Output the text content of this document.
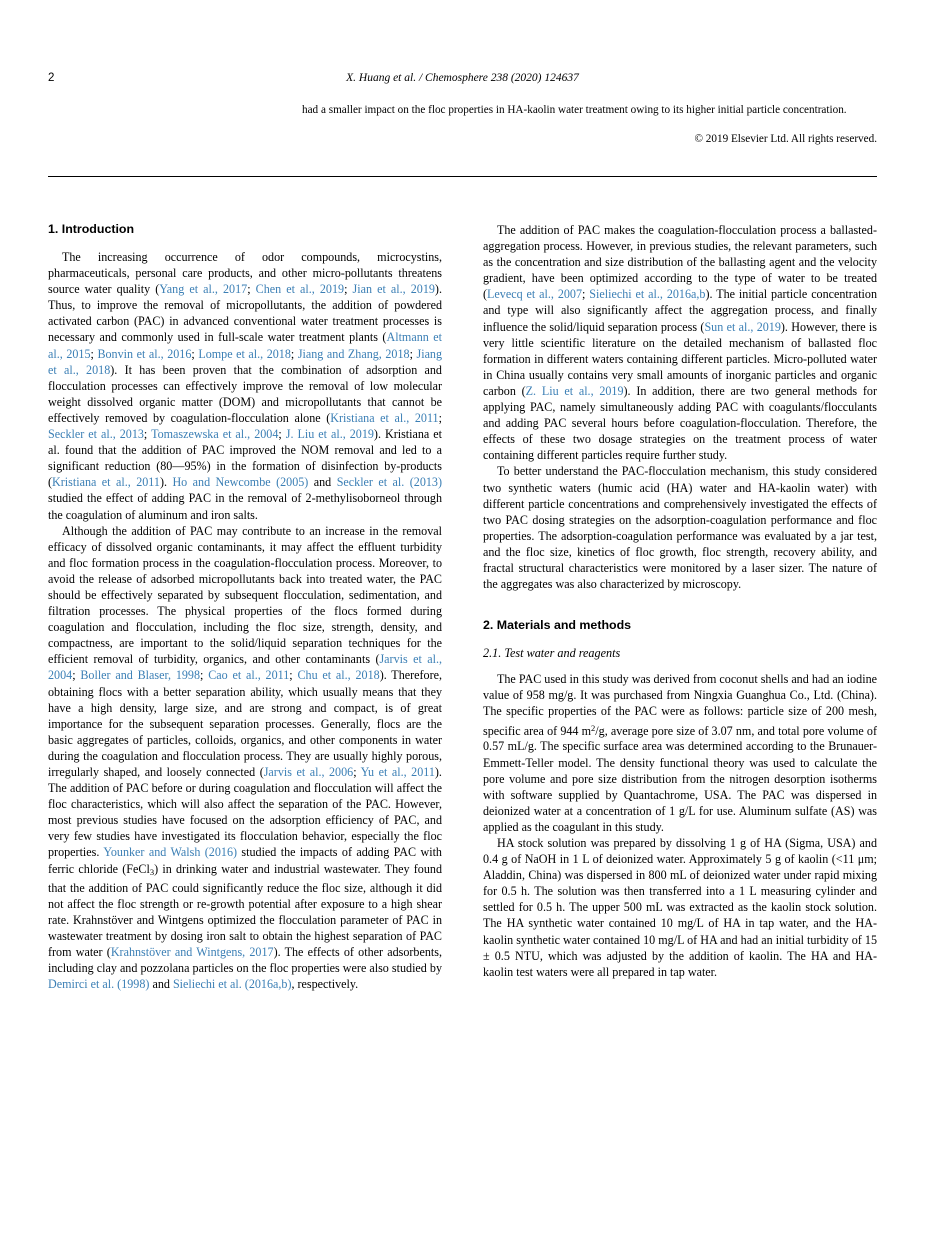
2	X. Huang et al. / Chemosphere 238 (2020) 124637
had a smaller impact on the floc properties in HA-kaolin water treatment owing to its higher initial particle concentration.
© 2019 Elsevier Ltd. All rights reserved.
1. Introduction

The increasing occurrence of odor compounds, microcystins, pharmaceuticals, personal care products, and other micro-pollutants threatens source water quality (Yang et al., 2017; Chen et al., 2019; Jian et al., 2019). Thus, to improve the removal of micropollutants, the addition of powdered activated carbon (PAC) in advanced conventional water treatment processes is necessary and commonly used in full-scale water treatment plants (Altmann et al., 2015; Bonvin et al., 2016; Lompe et al., 2018; Jiang and Zhang, 2018; Jiang et al., 2018). It has been proven that the combination of adsorption and flocculation processes can effectively improve the removal of low molecular weight dissolved organic matter (DOM) and micropollutants that cannot be effectively removed by coagulation-flocculation alone (Kristiana et al., 2011; Seckler et al., 2013; Tomaszewska et al., 2004; J. Liu et al., 2019). Kristiana et al. found that the addition of PAC improved the NOM removal and led to a significant reduction (80—95%) in the formation of disinfection by-products (Kristiana et al., 2011). Ho and Newcombe (2005) and Seckler et al. (2013) studied the effect of adding PAC in the removal of 2-methylisoborneol through the coagulation of aluminum and iron salts.

Although the addition of PAC may contribute to an increase in the removal efficacy of dissolved organic contaminants, it may affect the effluent turbidity and floc formation process in the coagulation-flocculation process. Moreover, to avoid the release of adsorbed micropollutants back into treated water, the PAC should be effectively separated by subsequent flocculation, sedimentation, and filtration processes. The physical properties of the flocs formed during coagulation and flocculation, including the floc size, strength, density, and compactness, are important to the solid/liquid separation techniques for the efficient removal of turbidity, organics, and other contaminants (Jarvis et al., 2004; Boller and Blaser, 1998; Cao et al., 2011; Chu et al., 2018). Therefore, obtaining flocs with a better separation ability, which usually means that they have a high density, large size, and are strong and compact, is of great importance for the subsequent separation processes. Generally, flocs are the basic aggregates of particles, colloids, organics, and other components in water during the coagulation and flocculation process. They are usually highly porous, irregularly shaped, and loosely connected (Jarvis et al., 2006; Yu et al., 2011). The addition of PAC before or during coagulation and flocculation will affect the floc characteristics, which will also affect the separation of the PAC. However, most previous studies have focused on the adsorption efficiency of PAC, and very few studies have investigated its flocculation behavior, especially the floc properties. Younker and Walsh (2016) studied the impacts of adding PAC with ferric chloride (FeCl$_3$) in drinking water and industrial wastewater. They found that the addition of PAC could significantly reduce the floc size, although it did not affect the floc strength or re-growth potential after exposure to a high shear rate. Krahnstöver and Wintgens optimized the flocculation parameter of PAC in wastewater treatment by dosing iron salt to obtain the highest separation of PAC from water (Krahnstöver and Wintgens, 2017). The effects of other adsorbents, including clay and pozzolana particles on the floc properties were also studied by Demirci et al. (1998) and Sieliechi et al. (2016a,b), respectively.

The addition of PAC makes the coagulation-flocculation process a ballasted-aggregation process. However, in previous studies, the relevant parameters, such as the concentration and size distribution of the ballasting agent and the velocity gradient, have been optimized according to the type of water to be treated (Levecq et al., 2007; Sieliechi et al., 2016a,b). The initial particle concentration and type will also significantly affect the aggregation process, and finally influence the solid/liquid separation process (Sun et al., 2019). However, there is very little scientific literature on the detailed mechanism of ballasted floc formation in different waters containing different particles. Micro-polluted water in China usually contains very small amounts of inorganic particles and organic carbon (Z. Liu et al., 2019). In addition, there are two general methods for applying PAC, namely simultaneously adding PAC with coagulants/flocculants and adding PAC several hours before coagulation-flocculation. Therefore, the effects of these two dosage strategies on the treatment process of water containing different particles require further study.

To better understand the PAC-flocculation mechanism, this study considered two synthetic waters (humic acid (HA) water and HA-kaolin water) with different particle concentrations and comprehensively investigated the effects of two PAC dosing strategies on the adsorption-coagulation performance and floc properties. The adsorption-coagulation performance was evaluated by a jar test, and the floc size, kinetics of floc growth, floc strength, recovery ability, and fractal structural characteristics were monitored by a laser sizer. The nature of the aggregates was also characterized by microscopy.

2. Materials and methods
2.1. Test water and reagents

The PAC used in this study was derived from coconut shells and had an iodine value of 958 mg/g. It was purchased from Ningxia Guanghua Co., Ltd. (China). The specific properties of the PAC were as follows: particle size of 200 mesh, specific area of 944 $m^2/g$, average pore size of 3.07 nm, and total pore volume of 0.57 mL/g. The specific surface area was determined according to the Brunauer-Emmett-Teller model. The density functional theory was used to calculate the pore volume and pore size distribution from the nitrogen desorption isotherms with software supplied by Quantachrome, USA. The PAC was dispersed in deionized water at a concentration of 1 g/L for use. Aluminum sulfate (AS) was applied as the coagulant in this study.

HA stock solution was prepared by dissolving 1 g of HA (Sigma, USA) and 0.4 g of NaOH in 1 L of deionized water. Approximately 5 g of kaolin (<11 μm; Aladdin, China) was dispersed in 800 mL of deionized water under rapid mixing for 0.5 h. The solution was then transferred into a 1 L measuring cylinder and settled for 0.5 h. The upper 500 mL was extracted as the kaolin stock solution. The HA synthetic water contained 10 mg/L of HA in tap water, and the HA-kaolin synthetic water contained 10 mg/L of HA and had an initial turbidity of 15 ± 0.5 NTU, which was adjusted by the addition of kaolin. The HA and HA-kaolin test waters were all prepared in tap water.
